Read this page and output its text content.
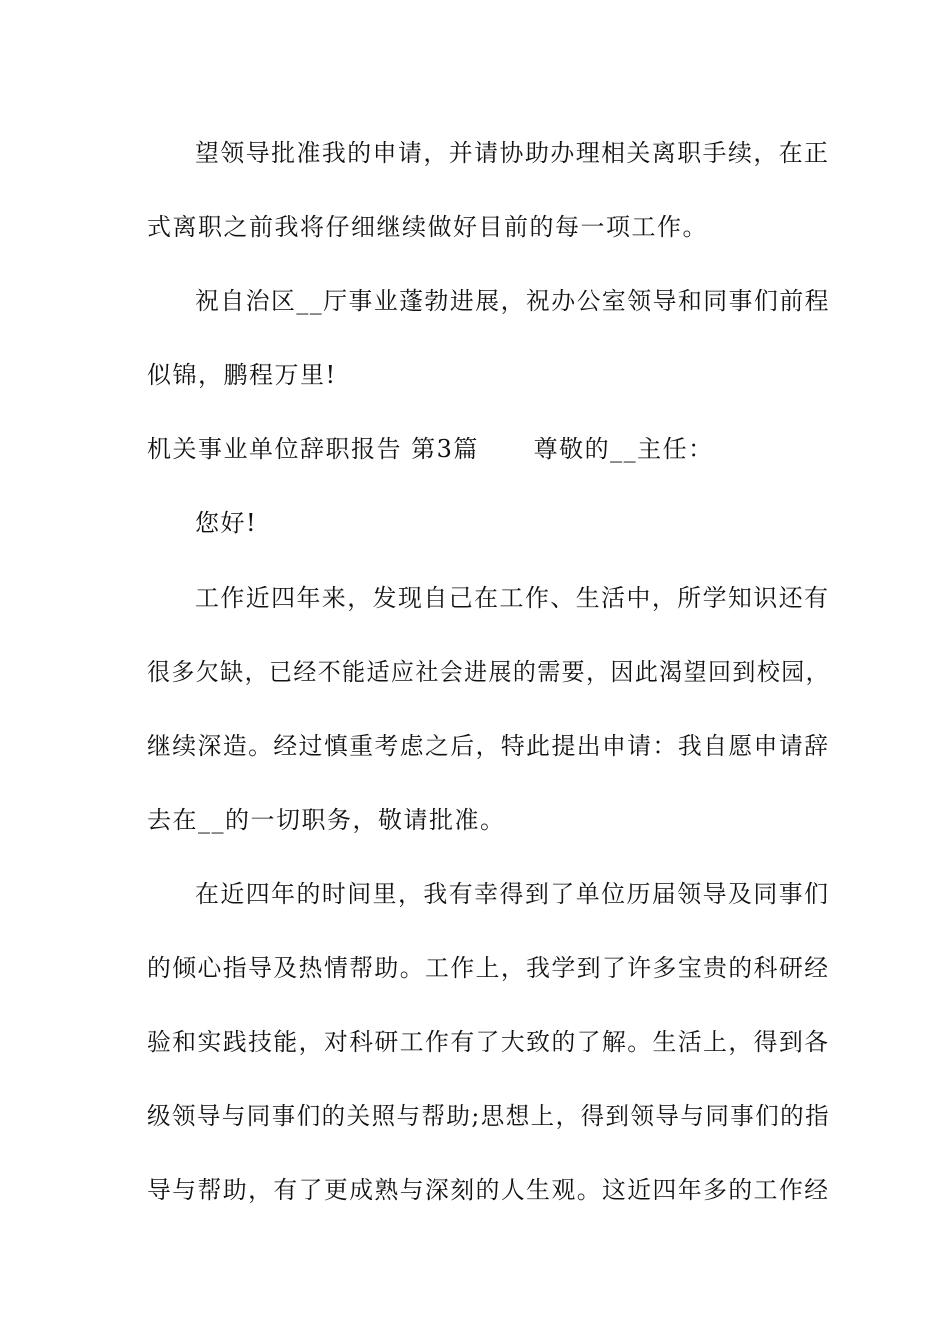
望领导批准我的申请，并请协助办理相关离职手续，在正
式离职之前我将仔细继续做好目前的每一项工作。
祝自治区__厅事业蓬勃进展，祝办公室领导和同事们前程
似锦，鹏程万里!
机关事业单位辞职报告 第3篇      尊敬的__主任：
您好!
工作近四年来，发现自己在工作、生活中，所学知识还有
很多欠缺，已经不能适应社会进展的需要，因此渴望回到校园，
继续深造。经过慎重考虑之后，特此提出申请：我自愿申请辞
去在__的一切职务，敬请批准。
在近四年的时间里，我有幸得到了单位历届领导及同事们
的倾心指导及热情帮助。工作上，我学到了许多宝贵的科研经
验和实践技能，对科研工作有了大致的了解。生活上，得到各
级领导与同事们的关照与帮助;思想上，得到领导与同事们的指
导与帮助，有了更成熟与深刻的人生观。这近四年多的工作经
